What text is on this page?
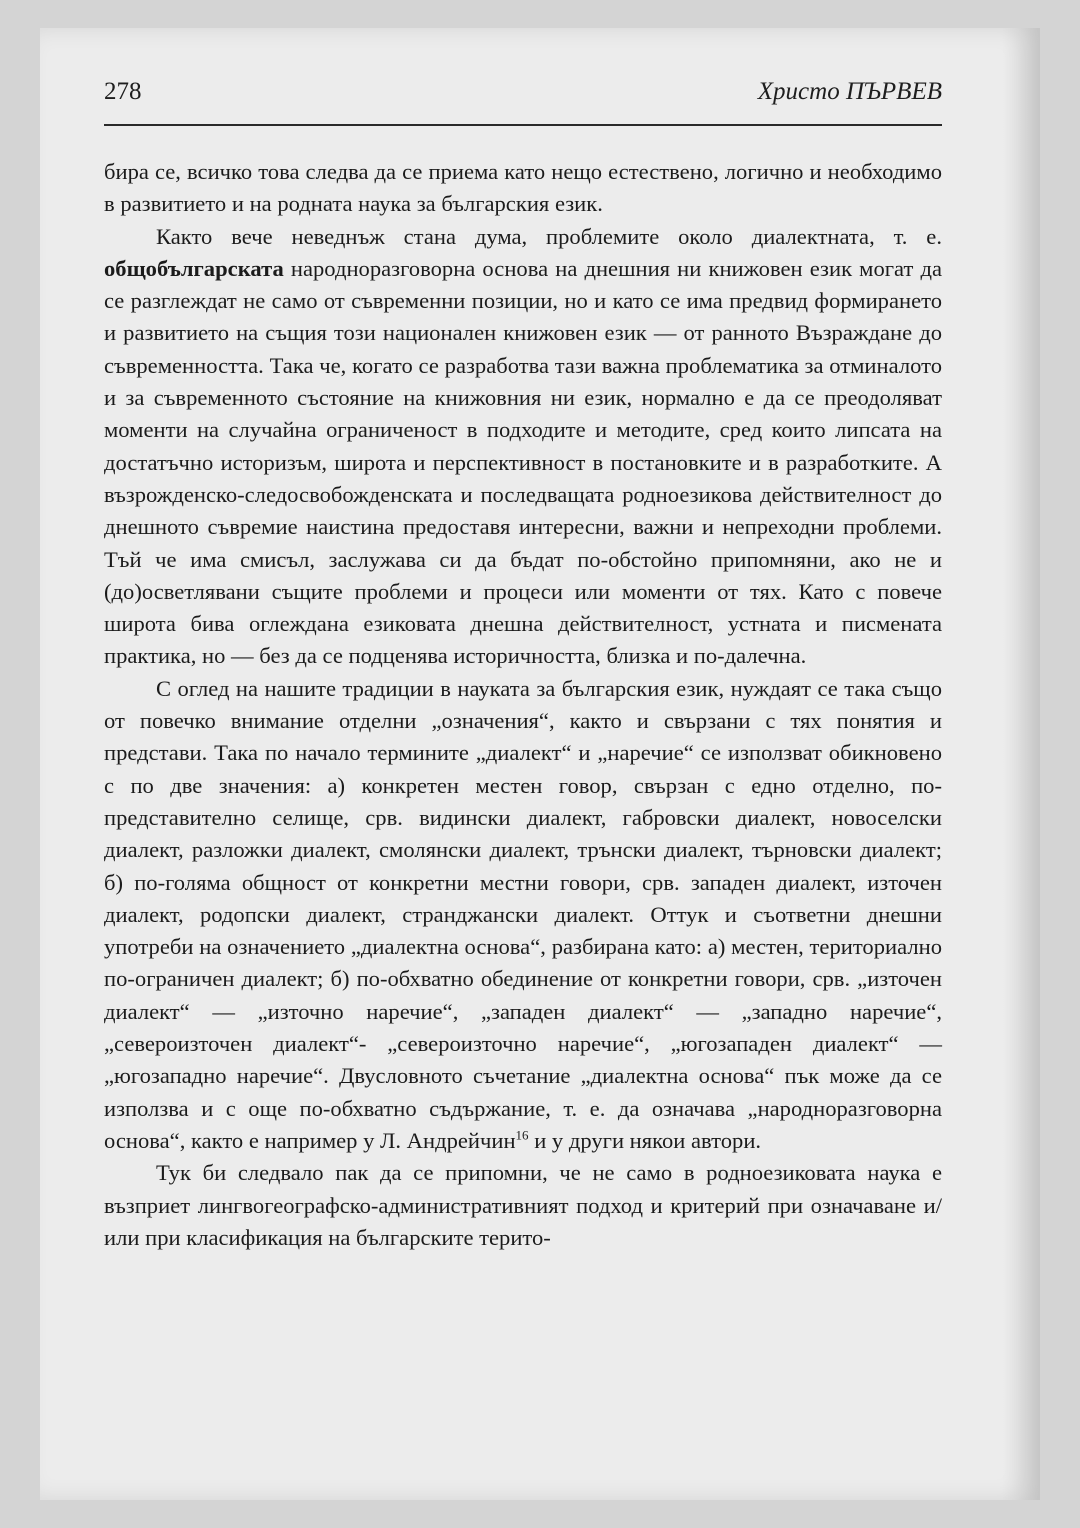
278	Христо ПЪРВЕВ

бира се, всичко това следва да се приема като нещо естествено, логично и необходимо в развитието и на родната наука за българския език.

Както вече неведнъж стана дума, проблемите около диалектната, т. е. общобългарската народноразговорна основа на днешния ни книжовен език могат да се разглеждат не само от съвременни позиции, но и като се има предвид формирането и развитието на същия този национален книжовен език — от ранното Възраждане до съвременността. Така че, когато се разработва тази важна проблематика за отминалото и за съвременното състояние на книжовния ни език, нормално е да се преодоляват моменти на случайна ограниченост в подходите и методите, сред които липсата на достатъчно историзъм, широта и перспективност в постановките и в разработките. А възрожденско-следосвобожденската и последващата родноезикова действителност до днешното съвремие наистина предоставя интересни, важни и непреходни проблеми. Тъй че има смисъл, заслужава си да бъдат по-обстойно припомняни, ако не и (до)осветлявани същите проблеми и процеси или моменти от тях. Като с повече широта бива оглеждана езиковата днешна действителност, устната и писмената практика, но — без да се подценява историчността, близка и по-далечна.

С оглед на нашите традиции в науката за българския език, нуждаят се така също от повечко внимание отделни „означения“, както и свързани с тях понятия и представи. Така по начало термините „диалект“ и „наречие“ се използват обикновено с по две значения: а) конкретен местен говор, свързан с едно отделно, по-представително селище, срв. видински диалект, габровски диалект, новоселски диалект, разложки диалект, смолянски диалект, трънски диалект, търновски диалект; б) по-голяма общност от конкретни местни говори, срв. западен диалект, източен диалект, родопски диалект, странджански диалект. Оттук и съответни днешни употреби на означението „диалектна основа“, разбирана като: а) местен, териториално по-ограничен диалект; б) по-обхватно обединение от конкретни говори, срв. „източен диалект“ — „източно наречие“, „западен диалект“ — „западно наречие“, „североизточен диалект“- „североизточно наречие“, „югозападен диалект“ — „югозападно наречие“. Двусловното съчетание „диалектна основа“ пък може да се използва и с още по-обхватно съдържание, т. е. да означава „народноразговорна основа“, както е например у Л. Андрейчин$^{16}$ и у други някои автори.

Тук би следвало пак да се припомни, че не само в родноезиковата наука е възприет лингвогеографско-административният подход и критерий при означаване и/или при класификация на българските терито-
